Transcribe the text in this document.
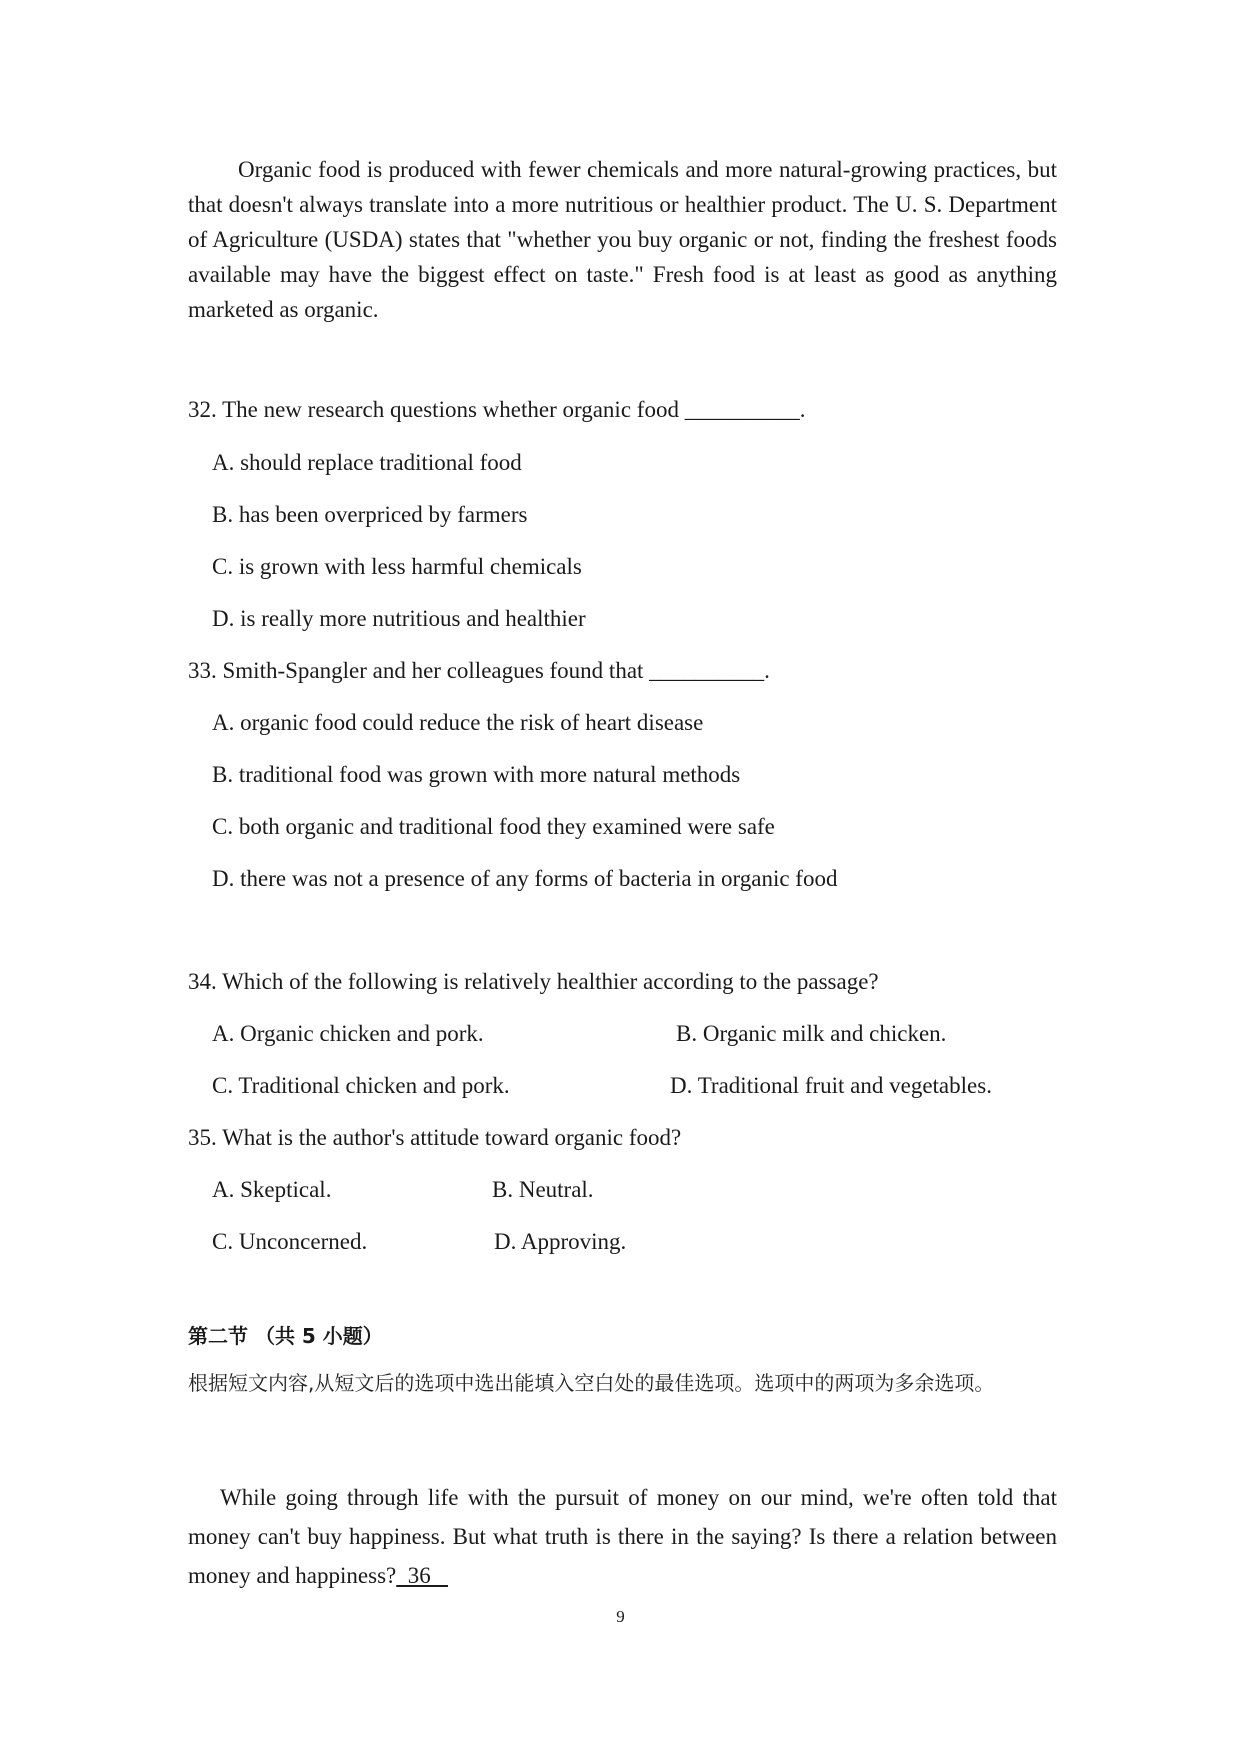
Organic food is produced with fewer chemicals and more natural-growing practices, but that doesn't always translate into a more nutritious or healthier product. The U. S. Department of Agriculture (USDA) states that "whether you buy organic or not, finding the freshest foods available may have the biggest effect on taste." Fresh food is at least as good as anything marketed as organic.

32. The new research questions whether organic food __________.
A. should replace traditional food
B. has been overpriced by farmers
C. is grown with less harmful chemicals
D. is really more nutritious and healthier
33. Smith-Spangler and her colleagues found that __________.
A. organic food could reduce the risk of heart disease
B. traditional food was grown with more natural methods
C. both organic and traditional food they examined were safe
D. there was not a presence of any forms of bacteria in organic food
34. Which of the following is relatively healthier according to the passage?
A. Organic chicken and pork.	B. Organic milk and chicken.
C. Traditional chicken and pork.	D. Traditional fruit and vegetables.
35. What is the author's attitude toward organic food?
A. Skeptical.	B. Neutral.
C. Unconcerned.	D. Approving.
第二节 （共 5 小题）
根据短文内容,从短文后的选项中选出能填入空白处的最佳选项。选项中的两项为多余选项。

While going through life with the pursuit of money on our mind, we're often told that money can't buy happiness. But what truth is there in the saying? Is there a relation between money and happiness?  36

9
